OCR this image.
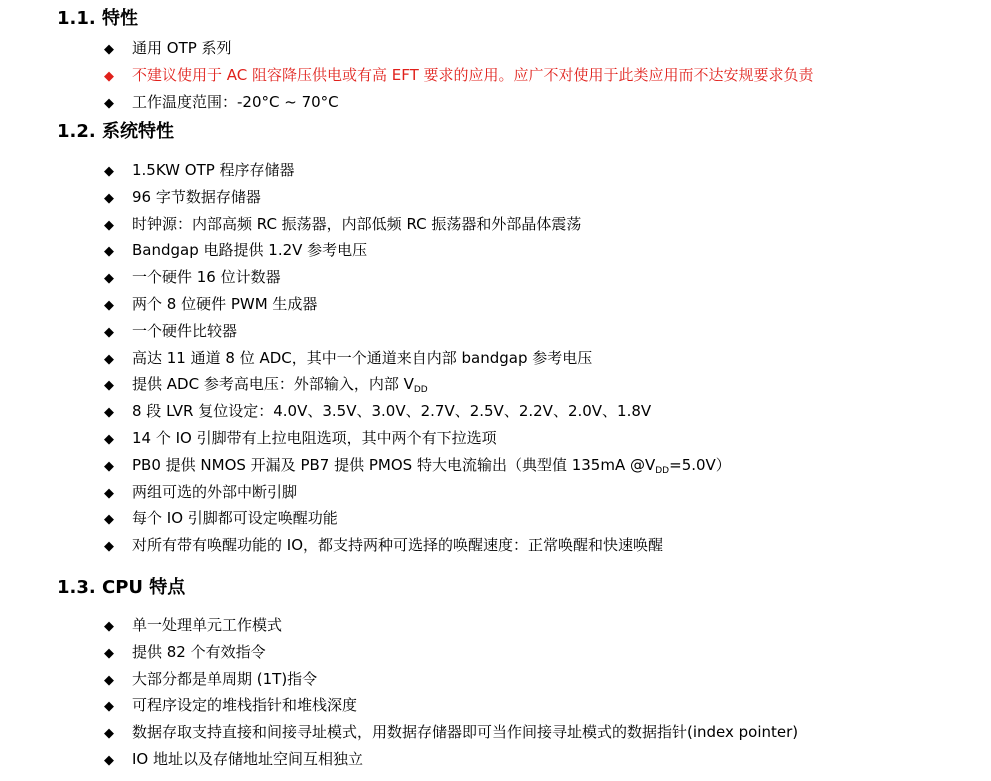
1.1. 特性
◆ 通用 OTP 系列
◆ 不建议使用于 AC 阻容降压供电或有高 EFT 要求的应用。应广不对使用于此类应用而不达安规要求负责
◆ 工作温度范围：-20°C ~ 70°C
1.2. 系统特性
◆ 1.5KW OTP 程序存储器
◆ 96 字节数据存储器
◆ 时钟源：内部高频 RC 振荡器，内部低频 RC 振荡器和外部晶体震荡
◆ Bandgap 电路提供 1.2V 参考电压
◆ 一个硬件 16 位计数器
◆ 两个 8 位硬件 PWM 生成器
◆ 一个硬件比较器
◆ 高达 11 通道 8 位 ADC，其中一个通道来自内部 bandgap 参考电压
◆ 提供 ADC 参考高电压：外部输入，内部 $V_{DD}$
◆ 8 段 LVR 复位设定：4.0V、3.5V、3.0V、2.7V、2.5V、2.2V、2.0V、1.8V
◆ 14 个 IO 引脚带有上拉电阻选项，其中两个有下拉选项
◆ PB0 提供 NMOS 开漏及 PB7 提供 PMOS 特大电流输出（典型值 135mA $@V_{DD}=5.0V$）
◆ 两组可选的外部中断引脚
◆ 每个 IO 引脚都可设定唤醒功能
◆ 对所有带有唤醒功能的 IO，都支持两种可选择的唤醒速度：正常唤醒和快速唤醒
1.3. CPU 特点
◆ 单一处理单元工作模式
◆ 提供 82 个有效指令
◆ 大部分都是单周期 (1T)指令
◆ 可程序设定的堆栈指针和堆栈深度
◆ 数据存取支持直接和间接寻址模式，用数据存储器即可当作间接寻址模式的数据指针(index pointer)
◆ IO 地址以及存储地址空间互相独立
